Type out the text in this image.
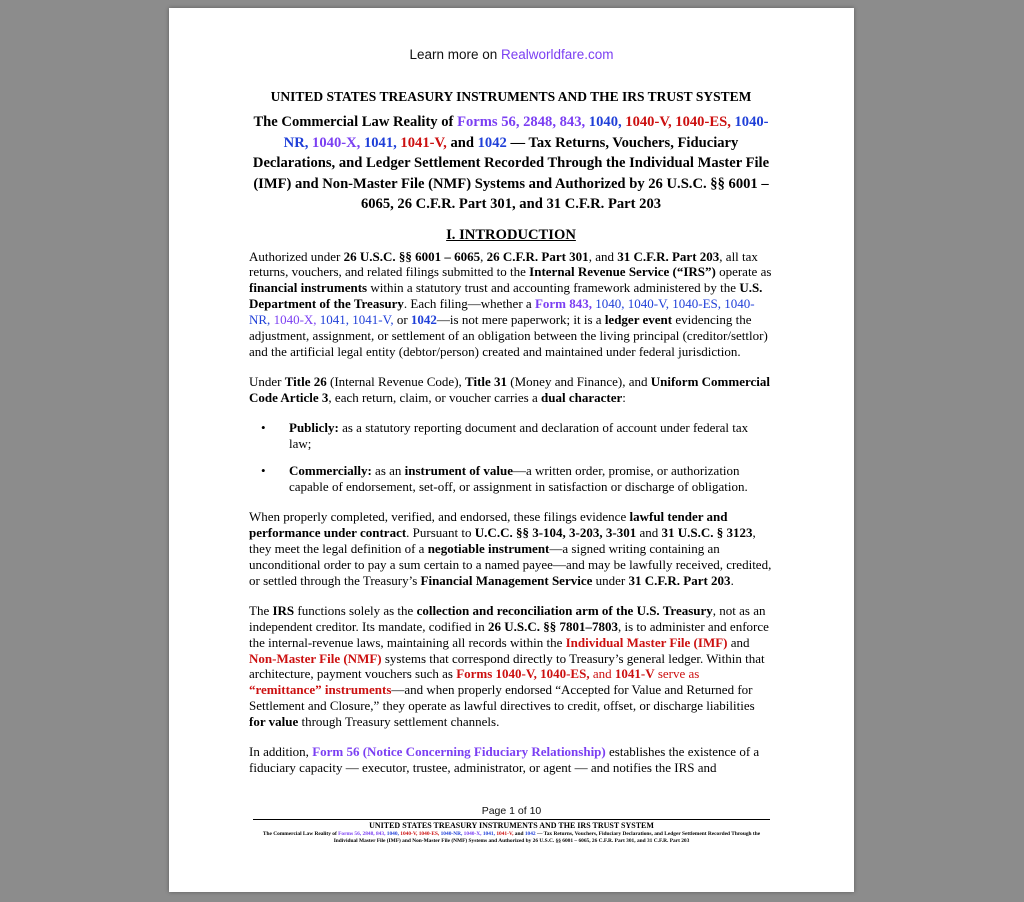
Learn more on Realworldfare.com
UNITED STATES TREASURY INSTRUMENTS AND THE IRS TRUST SYSTEM

The Commercial Law Reality of Forms 56, 2848, 843, 1040, 1040-V, 1040-ES, 1040-NR, 1040-X, 1041, 1041-V, and 1042 — Tax Returns, Vouchers, Fiduciary Declarations, and Ledger Settlement Recorded Through the Individual Master File (IMF) and Non-Master File (NMF) Systems and Authorized by 26 U.S.C. §§ 6001 – 6065, 26 C.F.R. Part 301, and 31 C.F.R. Part 203

I. INTRODUCTION

Authorized under 26 U.S.C. §§ 6001 – 6065, 26 C.F.R. Part 301, and 31 C.F.R. Part 203, all tax returns, vouchers, and related filings submitted to the Internal Revenue Service (“IRS”) operate as financial instruments within a statutory trust and accounting framework administered by the U.S. Department of the Treasury. Each filing—whether a Form 843, 1040, 1040-V, 1040-ES, 1040-NR, 1040-X, 1041, 1041-V, or 1042—is not mere paperwork; it is a ledger event evidencing the adjustment, assignment, or settlement of an obligation between the living principal (creditor/settlor) and the artificial legal entity (debtor/person) created and maintained under federal jurisdiction.

Under Title 26 (Internal Revenue Code), Title 31 (Money and Finance), and Uniform Commercial Code Article 3, each return, claim, or voucher carries a dual character:

• Publicly: as a statutory reporting document and declaration of account under federal tax law;
• Commercially: as an instrument of value—a written order, promise, or authorization capable of endorsement, set-off, or assignment in satisfaction or discharge of obligation.

When properly completed, verified, and endorsed, these filings evidence lawful tender and performance under contract. Pursuant to U.C.C. §§ 3-104, 3-203, 3-301 and 31 U.S.C. § 3123, they meet the legal definition of a negotiable instrument—a signed writing containing an unconditional order to pay a sum certain to a named payee—and may be lawfully received, credited, or settled through the Treasury’s Financial Management Service under 31 C.F.R. Part 203.

The IRS functions solely as the collection and reconciliation arm of the U.S. Treasury, not as an independent creditor. Its mandate, codified in 26 U.S.C. §§ 7801–7803, is to administer and enforce the internal-revenue laws, maintaining all records within the Individual Master File (IMF) and Non-Master File (NMF) systems that correspond directly to Treasury’s general ledger. Within that architecture, payment vouchers such as Forms 1040-V, 1040-ES, and 1041-V serve as “remittance” instruments—and when properly endorsed “Accepted for Value and Returned for Settlement and Closure,” they operate as lawful directives to credit, offset, or discharge liabilities for value through Treasury settlement channels.

In addition, Form 56 (Notice Concerning Fiduciary Relationship) establishes the existence of a fiduciary capacity — executor, trustee, administrator, or agent — and notifies the IRS and

Page 1 of 10
UNITED STATES TREASURY INSTRUMENTS AND THE IRS TRUST SYSTEM
The Commercial Law Reality of Forms 56, 2848, 843, 1040, 1040-V, 1040-ES, 1040-NR, 1040-X, 1041, 1041-V, and 1042 — Tax Returns, Vouchers, Fiduciary Declarations, and Ledger Settlement Recorded Through the Individual Master File (IMF) and Non-Master File (NMF) Systems and Authorized by 26 U.S.C. §§ 6001 – 6065, 26 C.F.R. Part 301, and 31 C.F.R. Part 203
